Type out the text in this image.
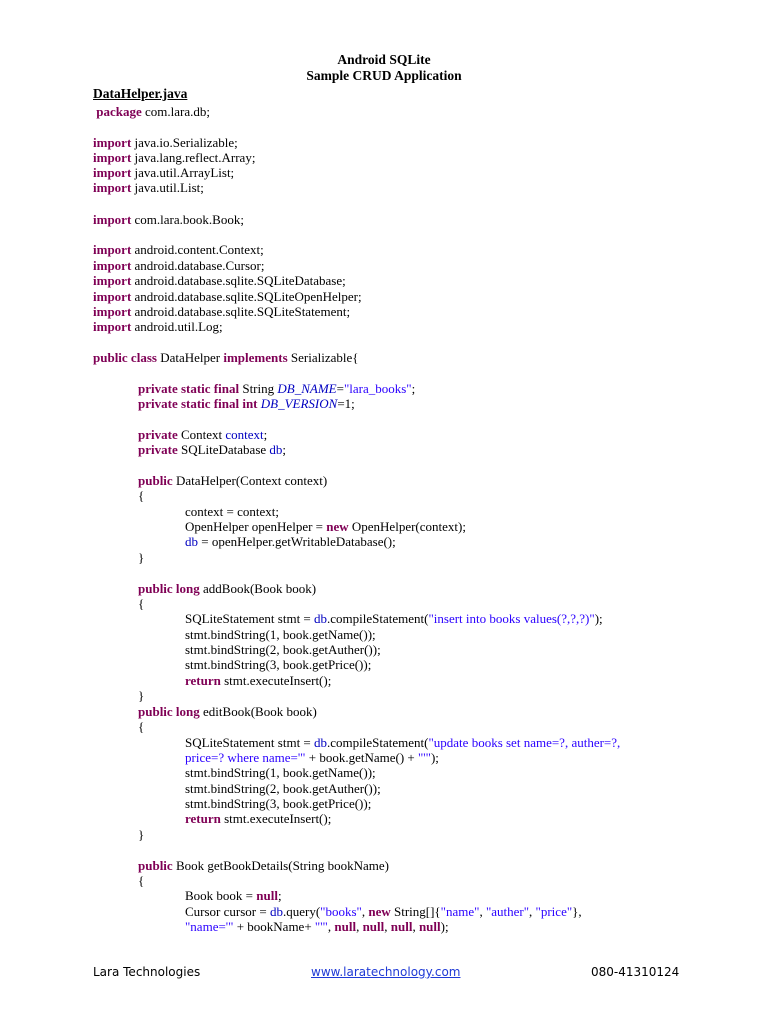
Android SQLite
Sample CRUD Application
DataHelper.java
package com.lara.db;
import java.io.Serializable;
import java.lang.reflect.Array;
import java.util.ArrayList;
import java.util.List;
import com.lara.book.Book;
import android.content.Context;
import android.database.Cursor;
import android.database.sqlite.SQLiteDatabase;
import android.database.sqlite.SQLiteOpenHelper;
import android.database.sqlite.SQLiteStatement;
import android.util.Log;
public class DataHelper implements Serializable{
private static final String DB_NAME="lara_books";
private static final int DB_VERSION=1;
private Context context;
private SQLiteDatabase db;
public DataHelper(Context context)
{
context = context;
OpenHelper openHelper = new OpenHelper(context);
db = openHelper.getWritableDatabase();
}
public long addBook(Book book)
{
SQLiteStatement stmt = db.compileStatement("insert into books values(?,?,?)");
stmt.bindString(1, book.getName());
stmt.bindString(2, book.getAuther());
stmt.bindString(3, book.getPrice());
return stmt.executeInsert();
}
public long editBook(Book book)
{
SQLiteStatement stmt = db.compileStatement("update books set name=?, auther=?,
price=? where name='" + book.getName() + "'");
stmt.bindString(1, book.getName());
stmt.bindString(2, book.getAuther());
stmt.bindString(3, book.getPrice());
return stmt.executeInsert();
}
public Book getBookDetails(String bookName)
{
Book book = null;
Cursor cursor = db.query("books", new String[]{"name", "auther", "price"},
"name='" + bookName+ "'", null, null, null, null);
Lara Technologies	www.laratechnology.com	080-41310124
